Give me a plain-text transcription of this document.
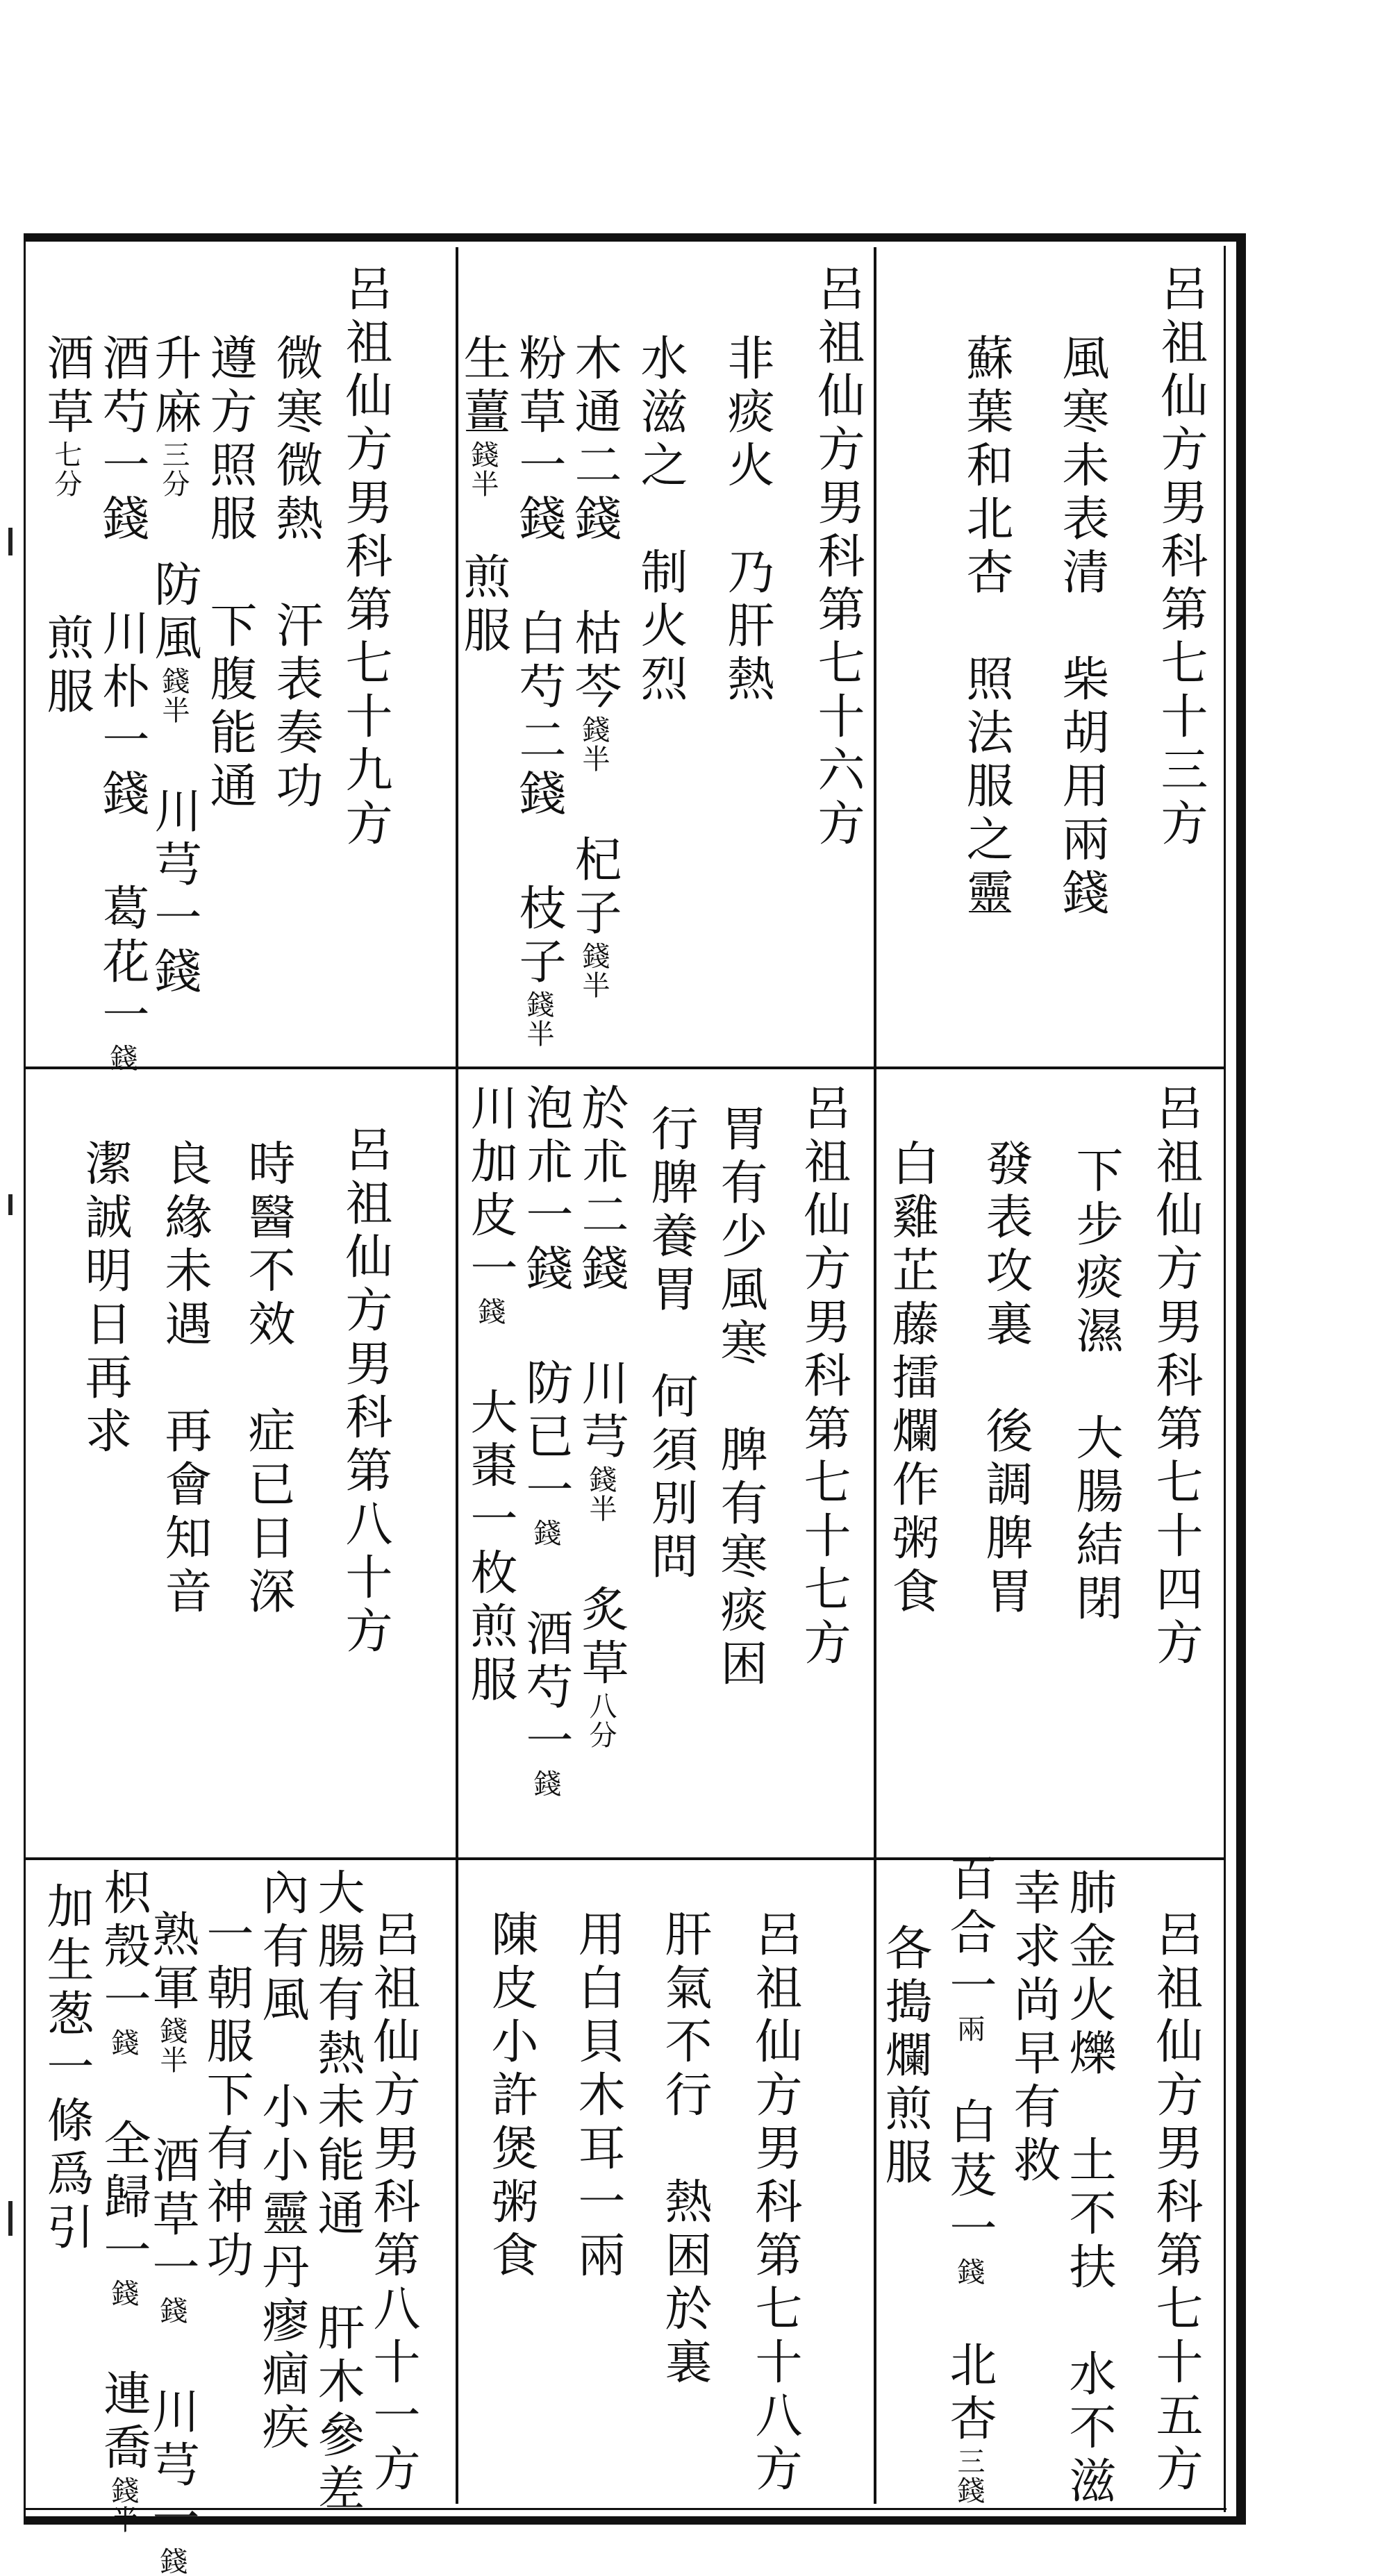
呂祖仙方男科第七十三方
風寒未表清　柴胡用兩錢
蘇葉和北杏　照法服之靈
呂祖仙方男科第七十六方
非痰火　乃肝熱
水滋之　制火烈
木通二錢 枯芩錢半 杞子錢半
粉草一錢 白芍二錢 枝子錢半
生薑錢半　煎服
呂祖仙方男科第七十九方
微寒微熱　汗表奏功
遵方照服　下腹能通
升麻三分 防風錢半 川芎一錢
酒芍一錢 川朴一錢 葛花一錢
酒草七分　 煎服
呂祖仙方男科第七十四方
下步痰濕　大腸結閉
發表攻裏　後調脾胃
白雞芷藤擂爛作粥食
呂祖仙方男科第七十七方
胃有少風寒　脾有寒痰困
行脾養胃　何須別問
於朮二錢 川芎錢半 炙草八分
泡朮一錢 防已一錢 酒芍一錢
川加皮一錢 大棗一枚煎服
呂祖仙方男科第八十方
時醫不效　症已日深
良緣未遇　再會知音
潔誠明日再求
呂祖仙方男科第七十五方
肺金火爍　土不扶　水不滋
幸求尚早有救
百合一兩　白芨一錢　北杏三錢
各搗爛煎服
呂祖仙方男科第七十八方
肝氣不行　熱困於裏
用白貝木耳一兩
陳皮小許煲粥食
呂祖仙方男科第八十一方
大腸有熱未能通 肝木參差
內有風　小小靈丹瘳痼疾
一朝服下有神功
熟軍錢半 酒草一錢 川芎一錢
枳殼一錢 全歸一錢 連喬錢半
加生葱一條爲引
